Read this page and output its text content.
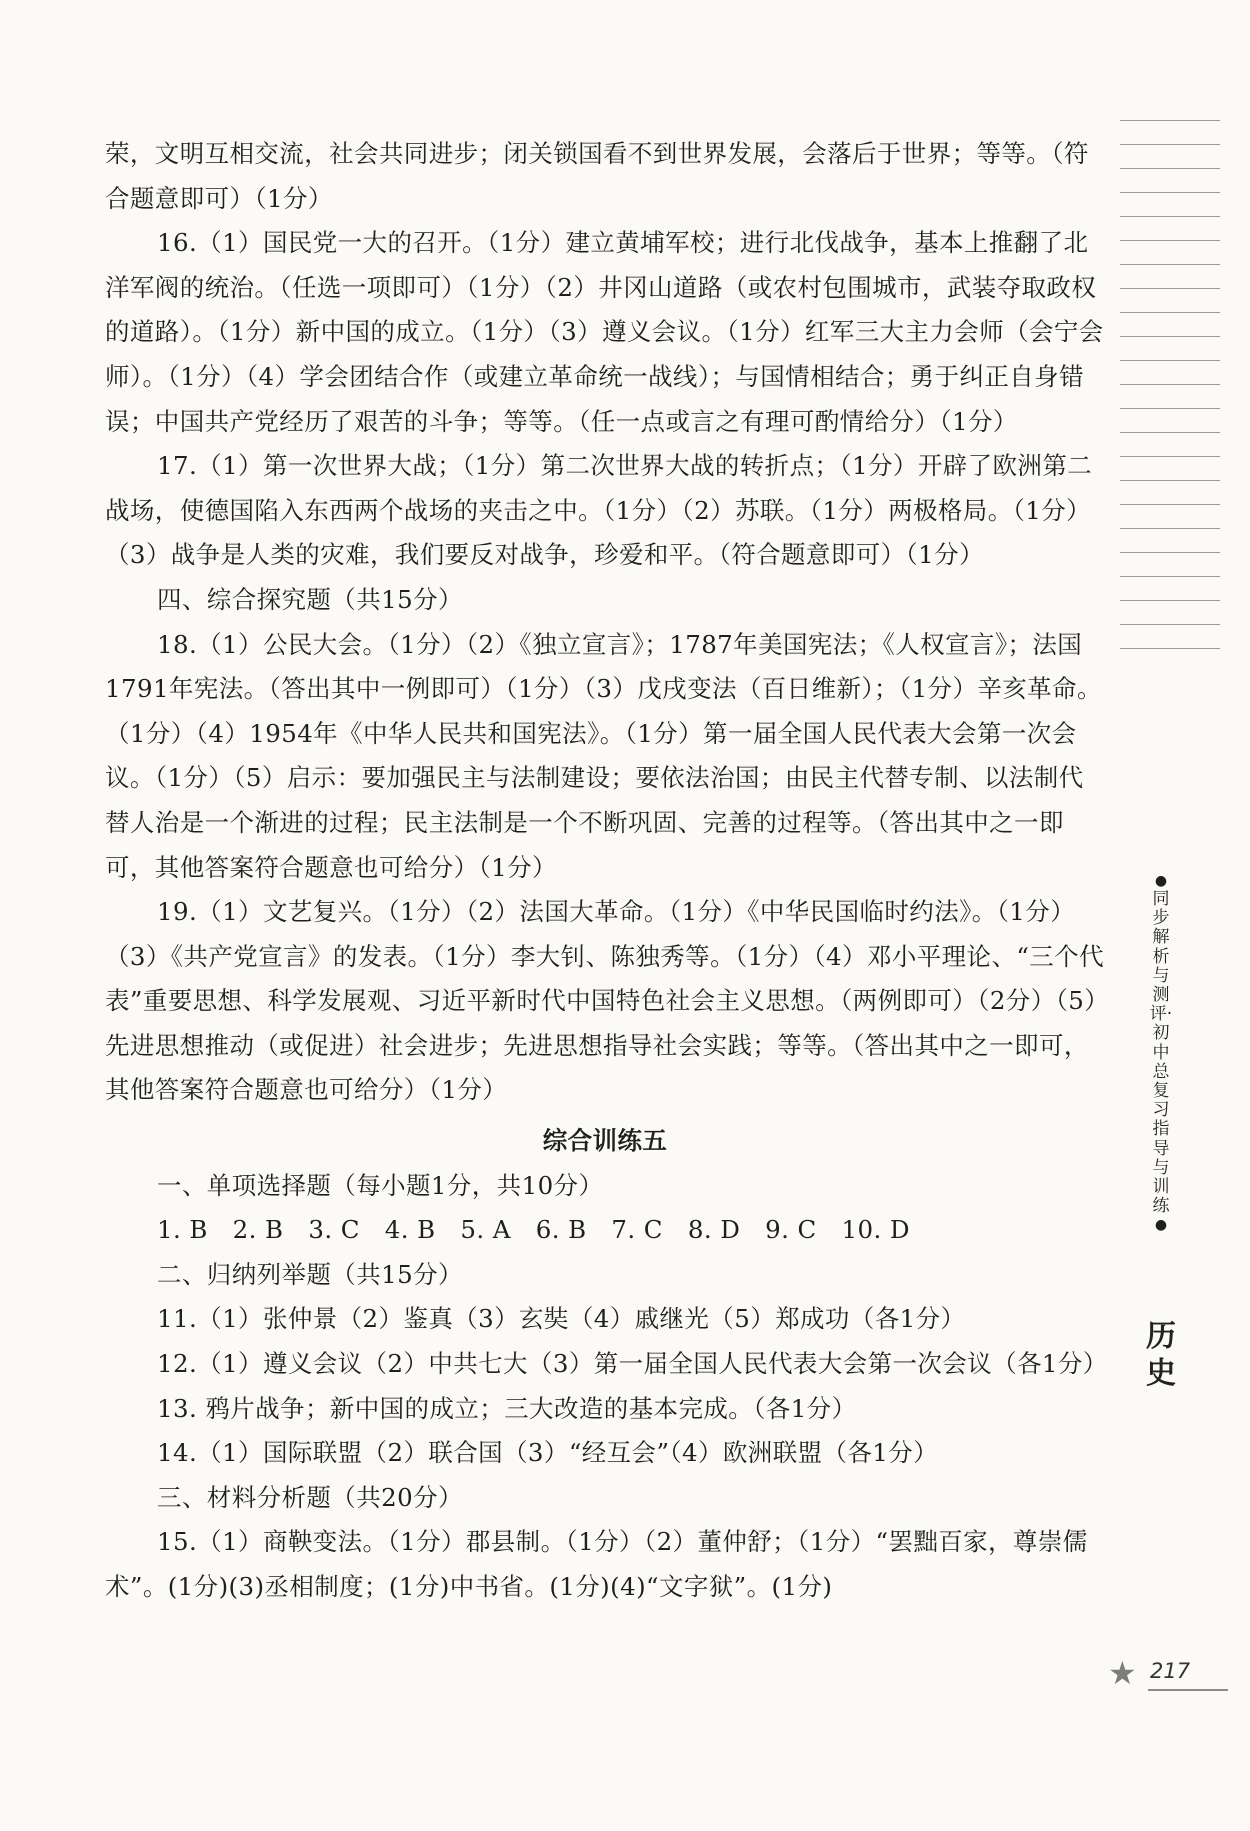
荣，文明互相交流，社会共同进步；闭关锁国看不到世界发展，会落后于世界；等等。（符合题意即可）（1分）

16.（1）国民党一大的召开。（1分）建立黄埔军校；进行北伐战争，基本上推翻了北洋军阀的统治。（任选一项即可）（1分）（2）井冈山道路（或农村包围城市，武装夺取政权的道路）。（1分）新中国的成立。（1分）（3）遵义会议。（1分）红军三大主力会师（会宁会师）。（1分）（4）学会团结合作（或建立革命统一战线）；与国情相结合；勇于纠正自身错误；中国共产党经历了艰苦的斗争；等等。（任一点或言之有理可酌情给分）（1分）

17.（1）第一次世界大战；（1分）第二次世界大战的转折点；（1分）开辟了欧洲第二战场，使德国陷入东西两个战场的夹击之中。（1分）（2）苏联。（1分）两极格局。（1分）（3）战争是人类的灾难，我们要反对战争，珍爱和平。（符合题意即可）（1分）

四、综合探究题（共15分）

18.（1）公民大会。（1分）（2）《独立宣言》；1787年美国宪法；《人权宣言》；法国1791年宪法。（答出其中一例即可）（1分）（3）戊戌变法（百日维新）；（1分）辛亥革命。（1分）（4）1954年《中华人民共和国宪法》。（1分）第一届全国人民代表大会第一次会议。（1分）（5）启示：要加强民主与法制建设；要依法治国；由民主代替专制、以法制代替人治是一个渐进的过程；民主法制是一个不断巩固、完善的过程等。（答出其中之一即可，其他答案符合题意也可给分）（1分）

19.（1）文艺复兴。（1分）（2）法国大革命。（1分）《中华民国临时约法》。（1分）（3）《共产党宣言》的发表。（1分）李大钊、陈独秀等。（1分）（4）邓小平理论、“三个代表”重要思想、科学发展观、习近平新时代中国特色社会主义思想。（两例即可）（2分）（5）先进思想推动（或促进）社会进步；先进思想指导社会实践；等等。（答出其中之一即可，其他答案符合题意也可给分）（1分）

综合训练五

一、单项选择题（每小题1分，共10分）

1. B　2. B　3. C　4. B　5. A　6. B　7. C　8. D　9. C　10. D

二、归纳列举题（共15分）

11.（1）张仲景（2）鉴真（3）玄奘（4）戚继光（5）郑成功（各1分）

12.（1）遵义会议（2）中共七大（3）第一届全国人民代表大会第一次会议（各1分）

13. 鸦片战争；新中国的成立；三大改造的基本完成。（各1分）

14.（1）国际联盟（2）联合国（3）“经互会”（4）欧洲联盟（各1分）

三、材料分析题（共20分）

15.（1）商鞅变法。（1分）郡县制。（1分）（2）董仲舒；（1分）“罢黜百家，尊崇儒术”。(1分)(3)丞相制度；(1分)中书省。(1分)(4)“文字狱”。(1分)

●
同步解析与测评·初中总复习指导与训练
●
历史
★ 217
